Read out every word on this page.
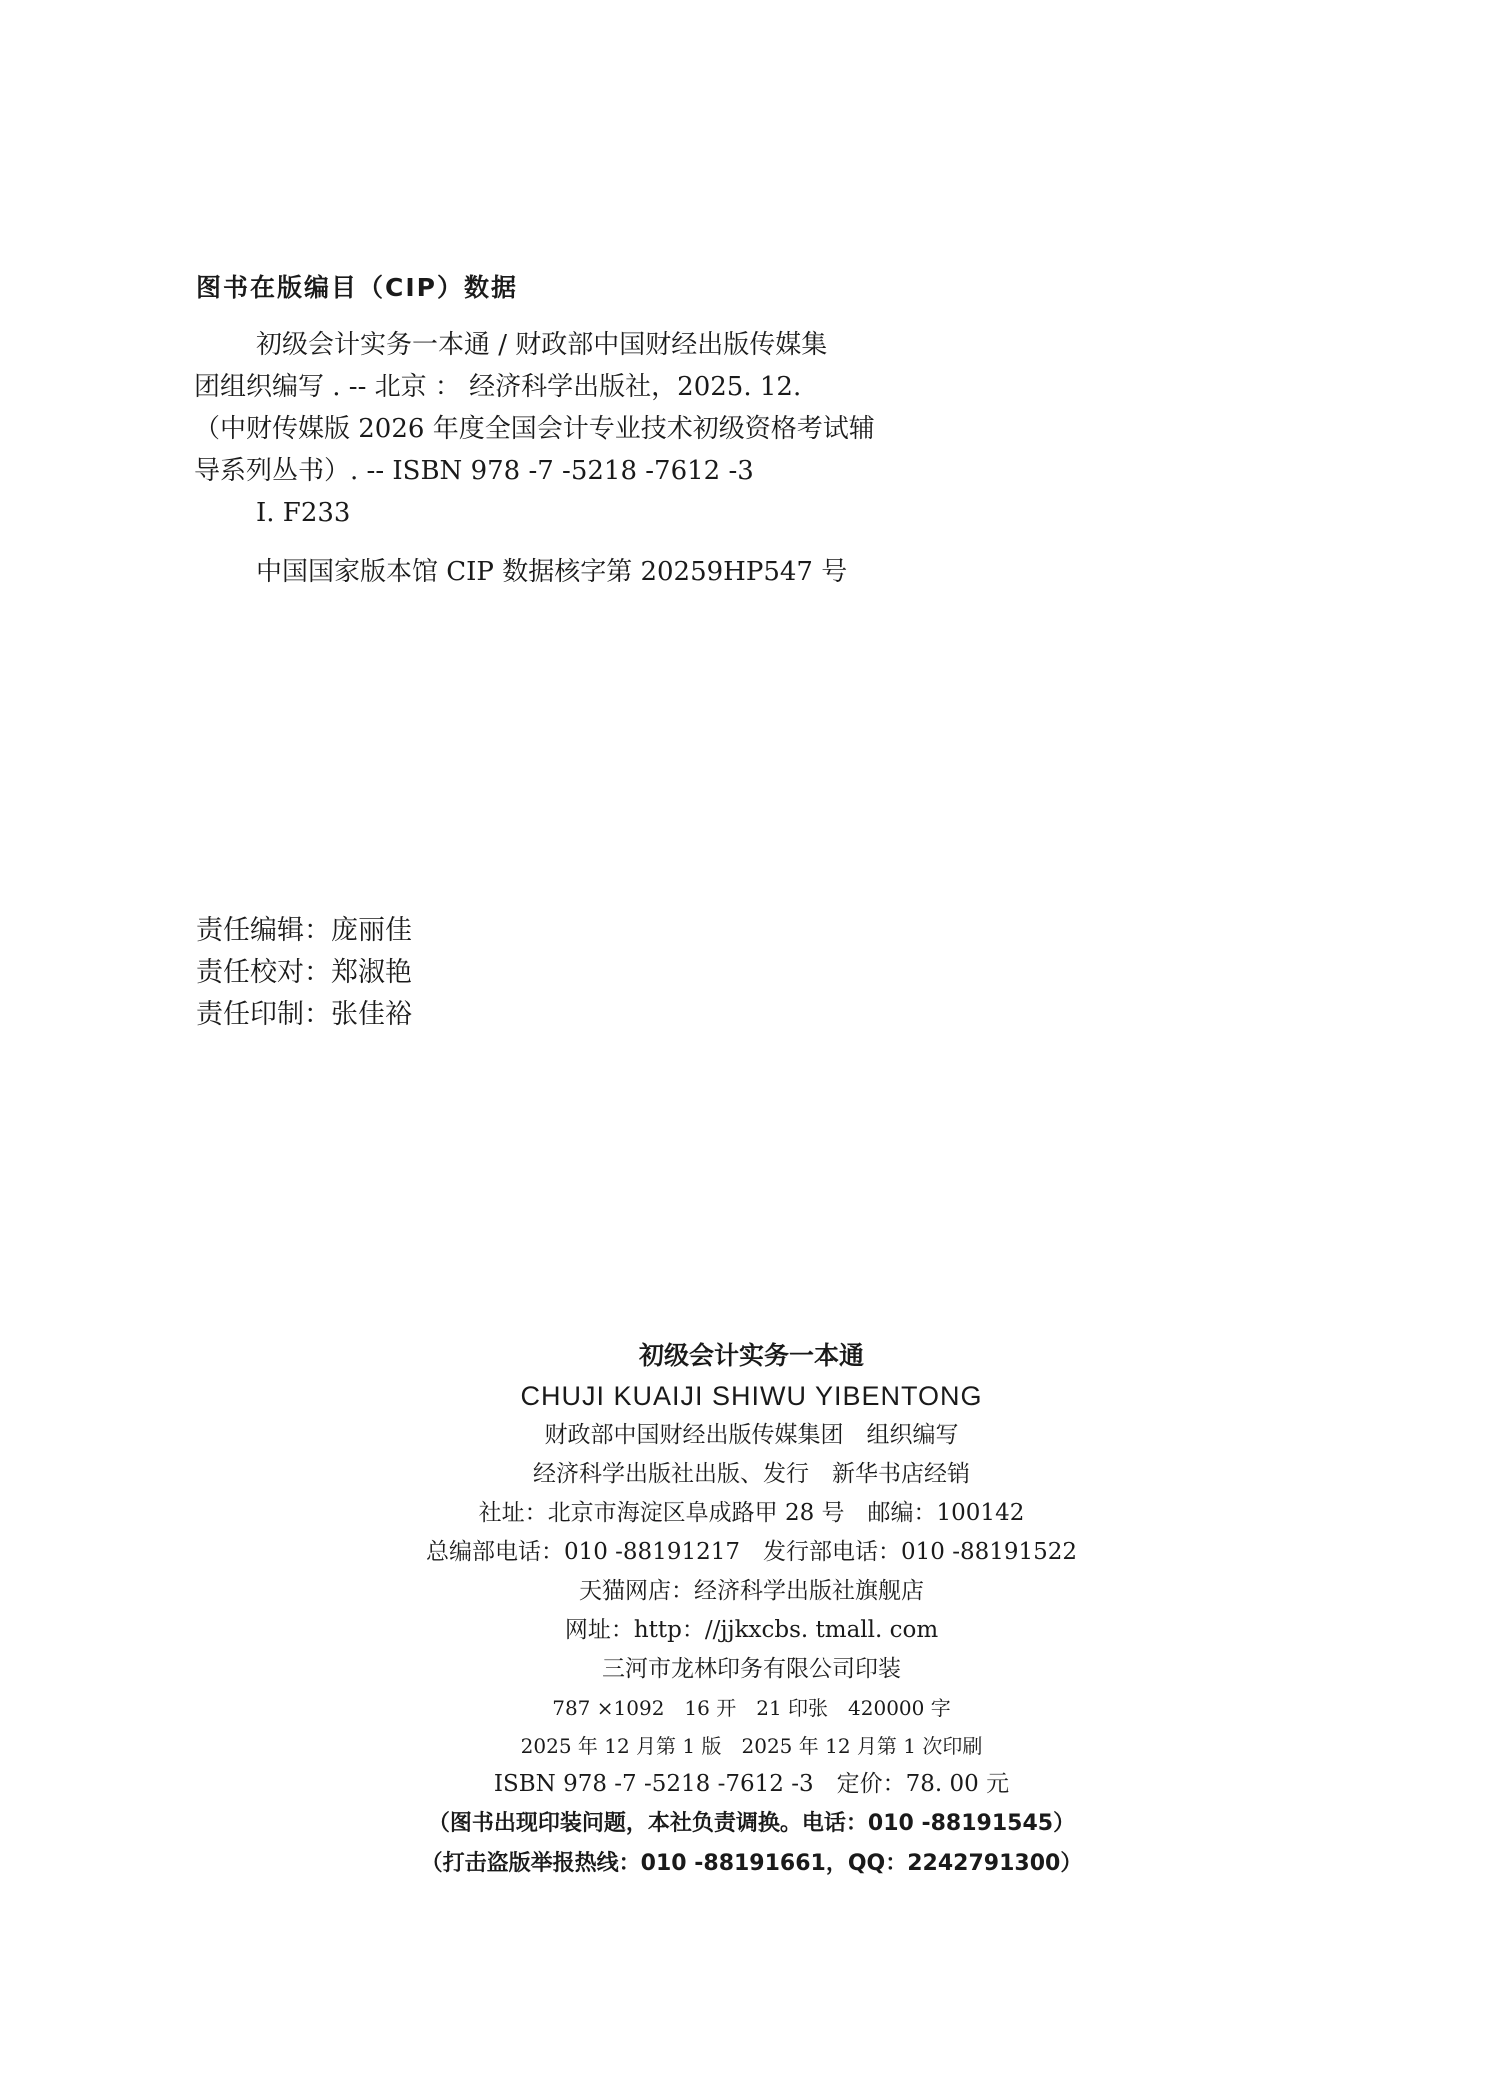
图书在版编目（CIP）数据
初级会计实务一本通 / 财政部中国财经出版传媒集
团组织编写 . -- 北京 ： 经济科学出版社，2025. 12.
（中财传媒版 2026 年度全国会计专业技术初级资格考试辅
导系列丛书）. -- ISBN 978 -7 -5218 -7612 -3
Ⅰ. F233
中国国家版本馆 CIP 数据核字第 20259HP547 号
责任编辑：庞丽佳
责任校对：郑淑艳
责任印制：张佳裕
初级会计实务一本通
CHUJI KUAIJI SHIWU YIBENTONG
财政部中国财经出版传媒集团　组织编写
经济科学出版社出版、发行　新华书店经销
社址：北京市海淀区阜成路甲 28 号　邮编：100142
总编部电话：010 -88191217　发行部电话：010 -88191522
天猫网店：经济科学出版社旗舰店
网址：http：//jjkxcbs. tmall. com
三河市龙林印务有限公司印装
787 ×1092　16 开　21 印张　420000 字
2025 年 12 月第 1 版　2025 年 12 月第 1 次印刷
ISBN 978 -7 -5218 -7612 -3　定价：78. 00 元
（图书出现印装问题，本社负责调换。电话：010 -88191545）
（打击盗版举报热线：010 -88191661，QQ：2242791300）
